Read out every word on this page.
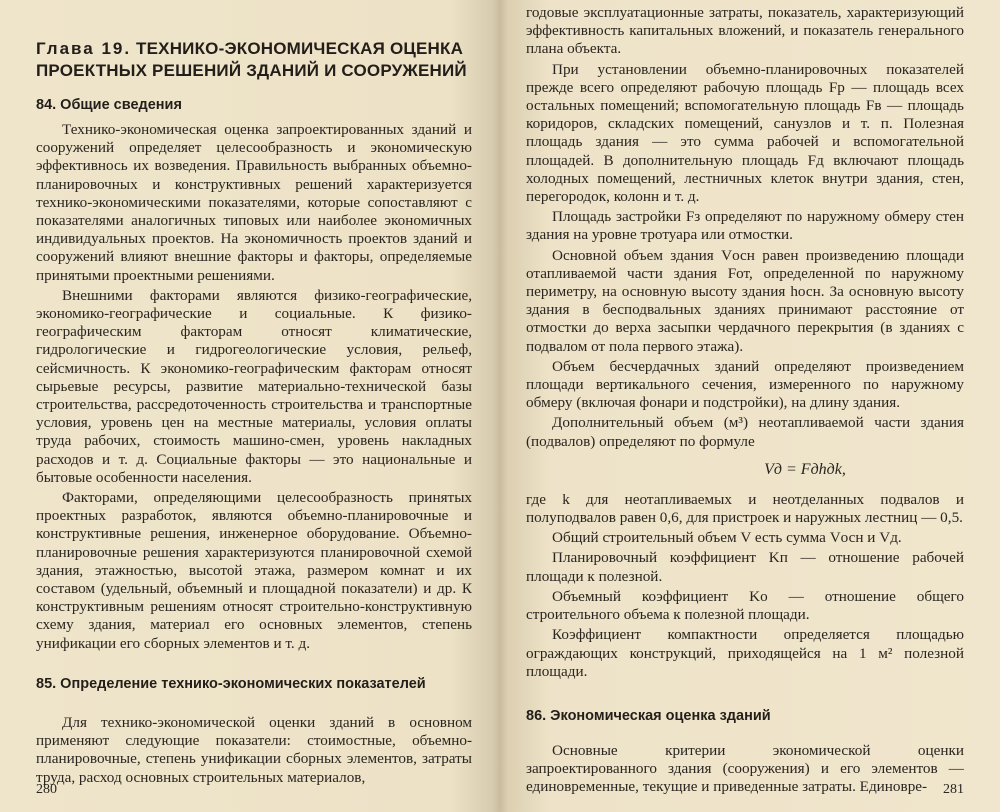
Глава 19. ТЕХНИКО-ЭКОНОМИЧЕСКАЯ ОЦЕНКА ПРОЕКТНЫХ РЕШЕНИЙ ЗДАНИЙ И СООРУЖЕНИЙ
84. Общие сведения

Технико-экономическая оценка запроектированных зданий и сооружений определяет целесообразность и экономическую эффективнось их возведения. Правильность выбранных объемно-планировочных и конструктивных решений характеризуется технико-экономическими показателями, которые сопоставляют с показателями аналогичных типовых или наиболее экономичных индивидуальных проектов. На экономичность проектов зданий и сооружений влияют внешние факторы и факторы, определяемые принятыми проектными решениями.

Внешними факторами являются физико-географические, экономико-географические и социальные. К физико-географическим факторам относят климатические, гидрологические и гидрогеологические условия, рельеф, сейсмичность. К экономико-географическим факторам относят сырьевые ресурсы, развитие материально-технической базы строительства, рассредоточенность строительства и транспортные условия, уровень цен на местные материалы, условия оплаты труда рабочих, стоимость машино-смен, уровень накладных расходов и т. д. Социальные факторы — это национальные и бытовые особенности населения.

Факторами, определяющими целесообразность принятых проектных разработок, являются объемно-планировочные и конструктивные решения, инженерное оборудование. Объемно-планировочные решения характеризуются планировочной схемой здания, этажностью, высотой этажа, размером комнат и их составом (удельный, объемный и площадной показатели) и др. К конструктивным решениям относят строительно-конструктивную схему здания, материал его основных элементов, степень унификации его сборных элементов и т. д.

85. Определение технико-экономических показателей

Для технико-экономической оценки зданий в основном применяют следующие показатели: стоимостные, объемно-планировочные, степень унификации сборных элементов, затраты труда, расход основных строительных материалов,

280

годовые эксплуатационные затраты, показатель, характеризующий эффективность капитальных вложений, и показатель генерального плана объекта.

При установлении объемно-планировочных показателей прежде всего определяют рабочую площадь Fр — площадь всех остальных помещений; вспомогательную площадь Fв — площадь коридоров, складских помещений, санузлов и т. п. Полезная площадь здания — это сумма рабочей и вспомогательной площадей. В дополнительную площадь Fд включают площадь холодных помещений, лестничных клеток внутри здания, стен, перегородок, колонн и т. д.

Площадь застройки Fз определяют по наружному обмеру стен здания на уровне тротуара или отмостки.

Основной объем здания Vосн равен произведению площади отапливаемой части здания Fот, определенной по наружному периметру, на основную высоту здания hосн. За основную высоту здания в бесподвальных зданиях принимают расстояние от отмостки до верха засыпки чердачного перекрытия (в зданиях с подвалом от пола первого этажа).

Объем бесчердачных зданий определяют произведением площади вертикального сечения, измеренного по наружному обмеру (включая фонари и подстройки), на длину здания.

Дополнительный объем (м³) неотапливаемой части здания (подвалов) определяют по формуле

Vд = Fдhдk,

где k для неотапливаемых и неотделанных подвалов и полуподвалов равен 0,6, для пристроек и наружных лестниц — 0,5.

Общий строительный объем V есть сумма Vосн и Vд.

Планировочный коэффициент Kп — отношение рабочей площади к полезной.

Объемный коэффициент Kо — отношение общего строительного объема к полезной площади.

Коэффициент компактности определяется площадью ограждающих конструкций, приходящейся на 1 м² полезной площади.

86. Экономическая оценка зданий

Основные критерии экономической оценки запроектированного здания (сооружения) и его элементов — единовременные, текущие и приведенные затраты. Единовре-	281
